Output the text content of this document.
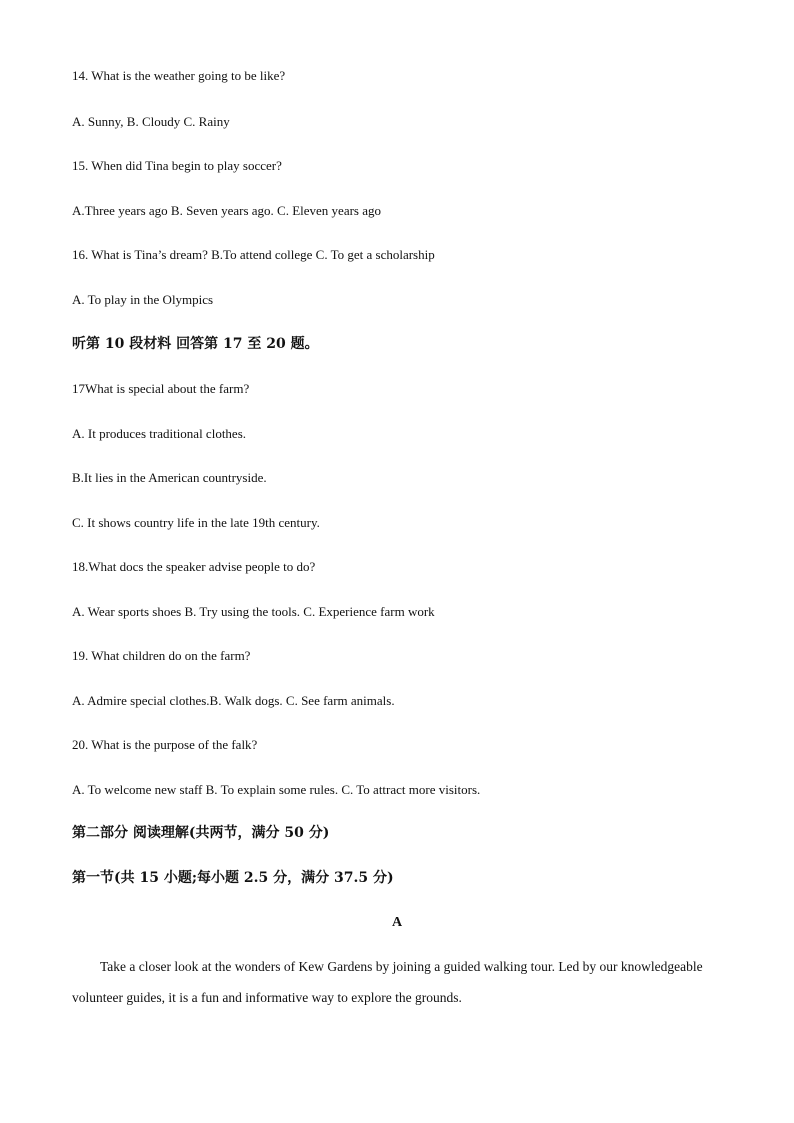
14. What is the weather going to be like?
A. Sunny, B. Cloudy C. Rainy
15. When did Tina begin to play soccer?
A.Three years ago B. Seven years ago. C. Eleven years ago
16. What is Tina’s dream? B.To attend college C. To get a scholarship
A. To play in the Olympics
听第 10 段材料 回答第 17 至 20 题。
17What is special about the farm?
A. It produces traditional clothes.
B.It lies in the American countryside.
C. It shows country life in the late 19th century.
18.What docs the speaker advise people to do?
A. Wear sports shoes B. Try using the tools. C. Experience farm work
19. What children do on the farm?
A. Admire special clothes.B. Walk dogs. C. See farm animals.
20. What is the purpose of the falk?
A. To welcome new staff B. To explain some rules. C. To attract more visitors.
第二部分 阅读理解(共两节，满分 50 分)
第一节(共 15 小题;每小题 2.5 分，满分 37.5 分)
A
Take a closer look at the wonders of Kew Gardens by joining a guided walking tour. Led by our knowledgeable volunteer guides, it is a fun and informative way to explore the grounds.
